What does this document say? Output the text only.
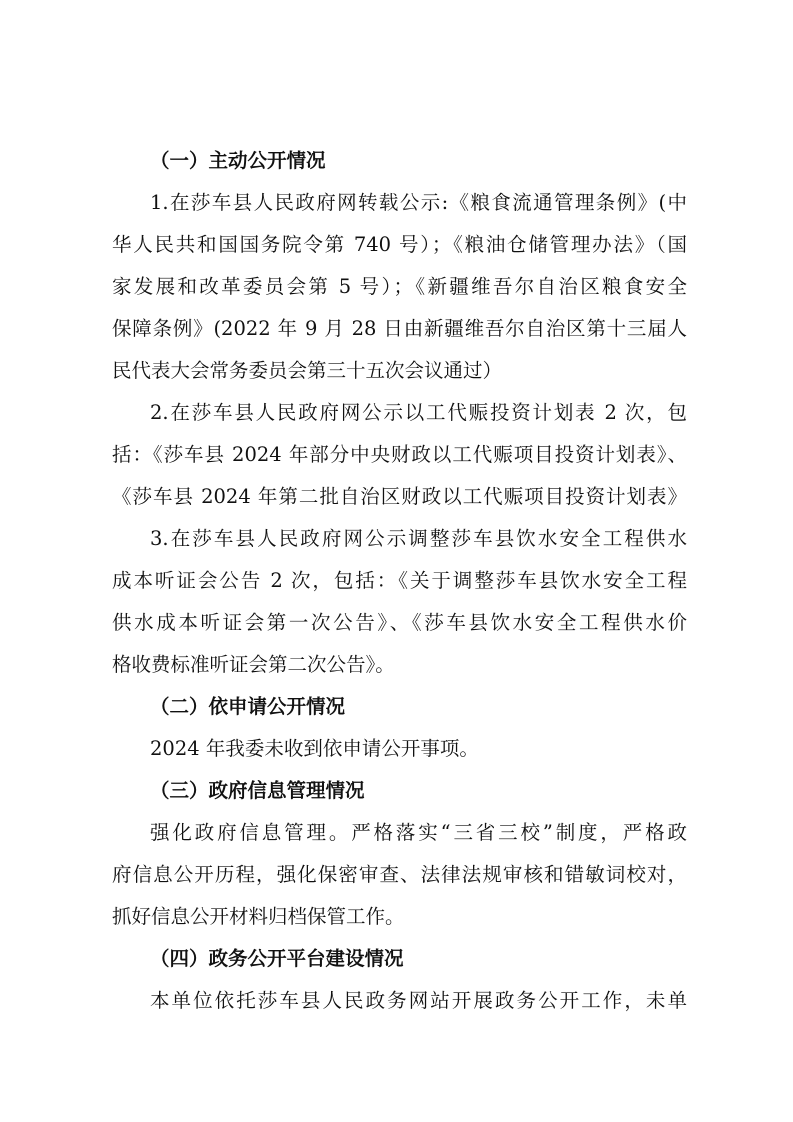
（一）主动公开情况
1.在莎车县人民政府网转载公示:《粮食流通管理条例》(中
华人民共和国国务院令第 740 号）；《粮油仓储管理办法》（国
家发展和改革委员会第 5 号）；《新疆维吾尔自治区粮食安全
保障条例》(2022 年 9 月 28 日由新疆维吾尔自治区第十三届人
民代表大会常务委员会第三十五次会议通过）
2.在莎车县人民政府网公示以工代赈投资计划表 2 次，包
括：《莎车县 2024 年部分中央财政以工代赈项目投资计划表》、
《莎车县 2024 年第二批自治区财政以工代赈项目投资计划表》
3.在莎车县人民政府网公示调整莎车县饮水安全工程供水
成本听证会公告 2 次，包括：《关于调整莎车县饮水安全工程
供水成本听证会第一次公告》、《莎车县饮水安全工程供水价
格收费标准听证会第二次公告》。
（二）依申请公开情况
2024 年我委未收到依申请公开事项。
（三）政府信息管理情况
强化政府信息管理。严格落实“三省三校”制度，严格政
府信息公开历程，强化保密审查、法律法规审核和错敏词校对，
抓好信息公开材料归档保管工作。
（四）政务公开平台建设情况
本单位依托莎车县人民政务网站开展政务公开工作，未单
